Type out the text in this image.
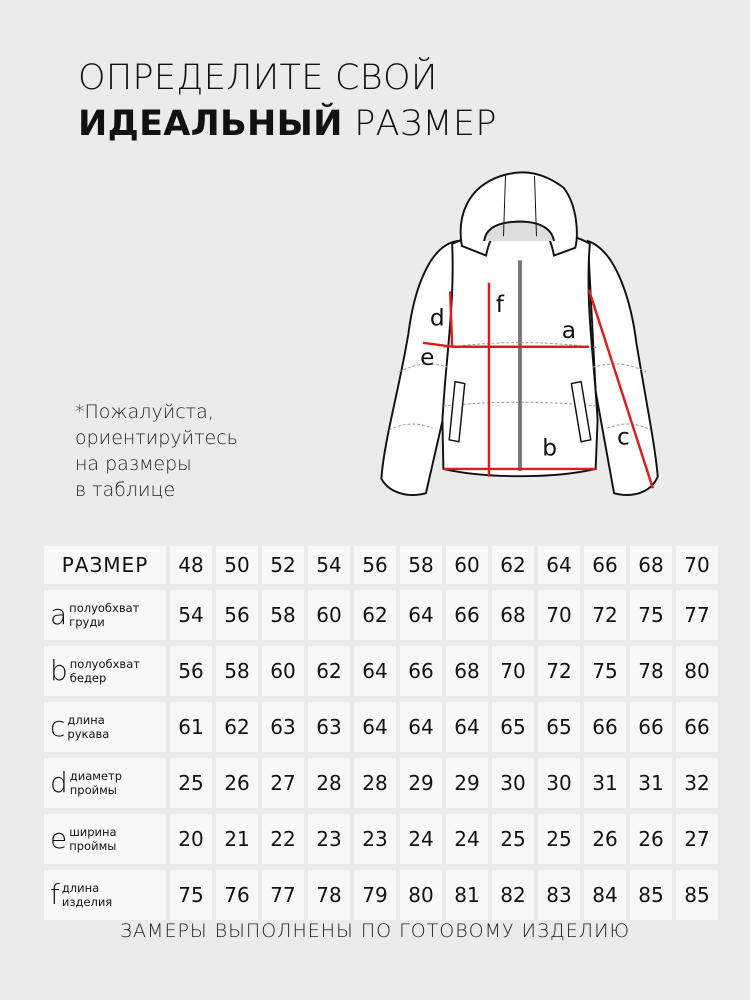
ОПРЕДЕЛИТЕ СВОЙ
ИДЕАЛЬНЫЙ РАЗМЕР
a
b c
d
e
f
*Пожалуйста,
ориентируйтесь
на размеры
в таблице
РАЗМЕР	48	50	52	54	56	58	60	62	64	66	68	70
a полуобхват
груди	54	56	58	60	62	64	66	68	70	72	75	77
b полуобхват
бедер	56	58	60	62	64	66	68	70	72	75	78	80
c длина
рукава	61	62	63	63	64	64	64	65	65	66	66	66
d диаметр
проймы	25	26	27	28	28	29	29	30	30	31	31	32
e ширина
проймы	20	21	22	23	23	24	24	25	25	26	26	27
f длина
изделия	75	76	77	78	79	80	81	82	83	84	85	85
ЗАМЕРЫ ВЫПОЛНЕНЫ ПО ГОТОВОМУ ИЗДЕЛИЮ
